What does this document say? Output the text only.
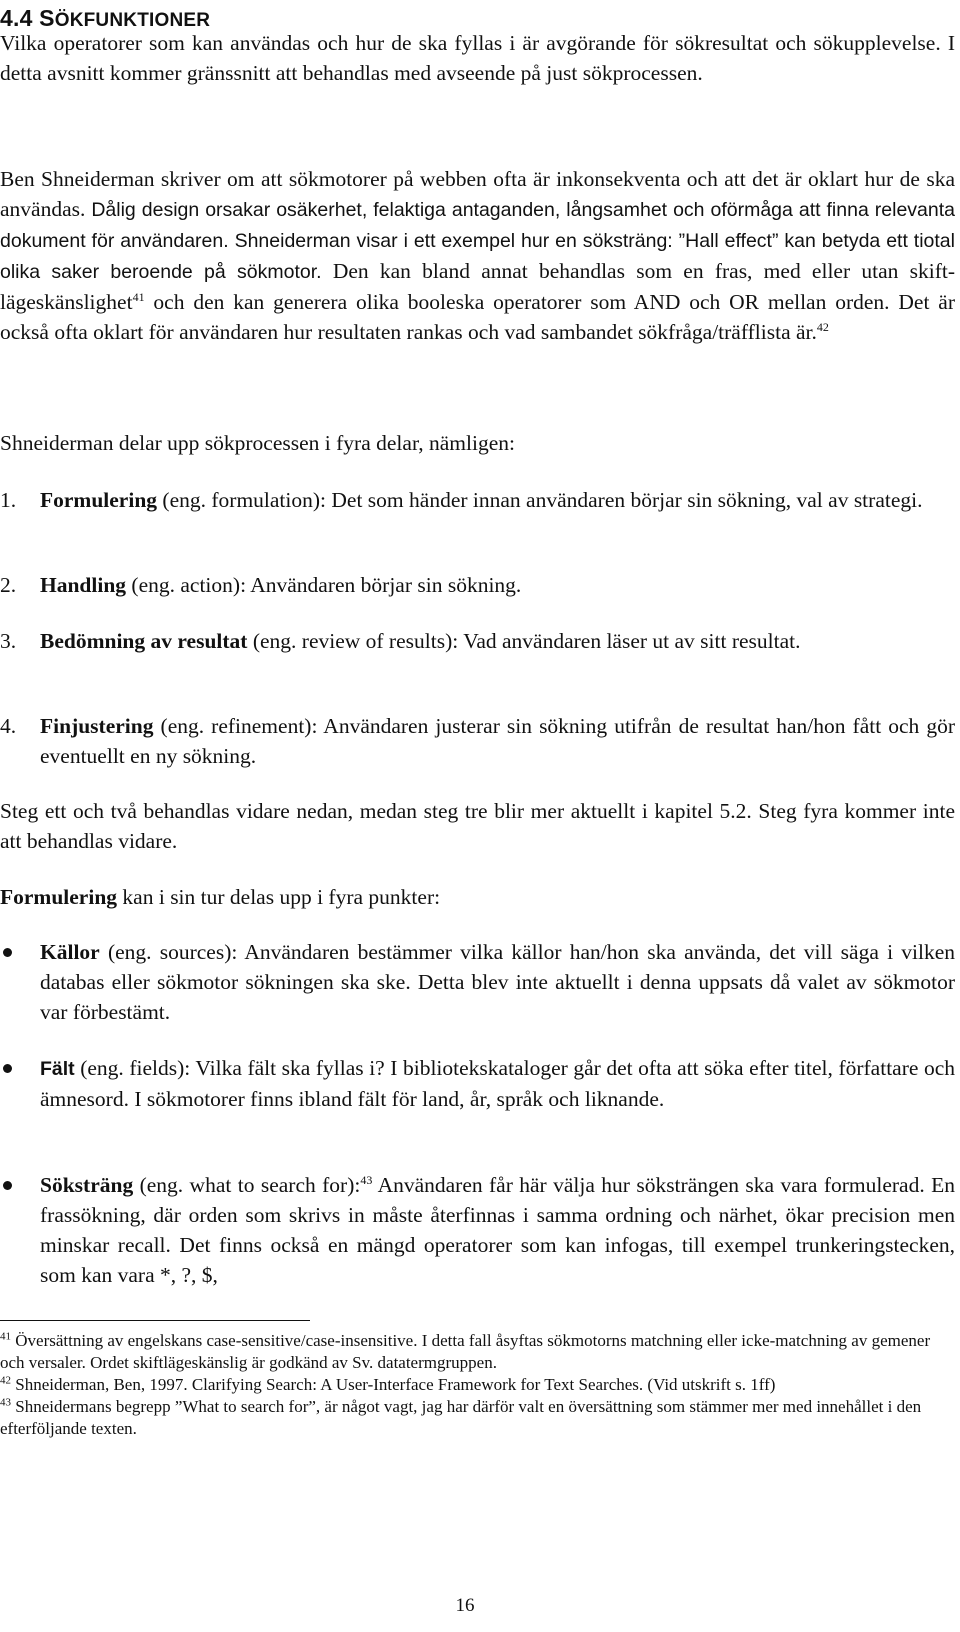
4.4 SÖKFUNKTIONER

Vilka operatorer som kan användas och hur de ska fyllas i är avgörande för sökresultat och sökupplevelse. I detta avsnitt kommer gränssnitt att behandlas med avseende på just sökprocessen.

Ben Shneiderman skriver om att sökmotorer på webben ofta är inkonsekventa och att det är oklart hur de ska användas. Dålig design orsakar osäkerhet, felaktiga antaganden, långsamhet och oförmåga att finna relevanta dokument för användaren. Shneiderman visar i ett exempel hur en söksträng: ”Hall effect” kan betyda ett tiotal olika saker beroende på sökmotor. Den kan bland annat behandlas som en fras, med eller utan skift-lägeskänslighet$^{41}$ och den kan generera olika booleska operatorer som AND och OR mellan orden. Det är också ofta oklart för användaren hur resultaten rankas och vad sambandet sökfråga/träfflista är.$^{42}$

Shneiderman delar upp sökprocessen i fyra delar, nämligen:

1.	Formulering (eng. formulation): Det som händer innan användaren börjar sin sökning, val av strategi.
2.	Handling (eng. action): Användaren börjar sin sökning.
3.	Bedömning av resultat (eng. review of results): Vad användaren läser ut av sitt resultat.
4.	Finjustering (eng. refinement): Användaren justerar sin sökning utifrån de resultat han/hon fått och gör eventuellt en ny sökning.

Steg ett och två behandlas vidare nedan, medan steg tre blir mer aktuellt i kapitel 5.2. Steg fyra kommer inte att behandlas vidare.

Formulering kan i sin tur delas upp i fyra punkter:

Källor (eng. sources): Användaren bestämmer vilka källor han/hon ska använda, det vill säga i vilken databas eller sökmotor sökningen ska ske. Detta blev inte aktuellt i denna uppsats då valet av sökmotor var förbestämt.
Fält (eng. fields): Vilka fält ska fyllas i? I bibliotekskataloger går det ofta att söka efter titel, författare och ämnesord. I sökmotorer finns ibland fält för land, år, språk och liknande.
Söksträng (eng. what to search for):$^{43}$ Användaren får här välja hur söksträngen ska vara formulerad. En frassökning, där orden som skrivs in måste återfinnas i samma ordning och närhet, ökar precision men minskar recall. Det finns också en mängd operatorer som kan infogas, till exempel trunkeringstecken, som kan vara *, ?, $,

$^{41}$ Översättning av engelskans case-sensitive/case-insensitive. I detta fall åsyftas sökmotorns matchning eller icke-matchning av gemener och versaler. Ordet skiftlägeskänslig är godkänd av Sv. datatermgruppen.

$^{42}$ Shneiderman, Ben, 1997. Clarifying Search: A User-Interface Framework for Text Searches. (Vid utskrift s. 1ff)

$^{43}$ Shneidermans begrepp ”What to search for”, är något vagt, jag har därför valt en översättning som stämmer mer med innehållet i den efterföljande texten.

16
